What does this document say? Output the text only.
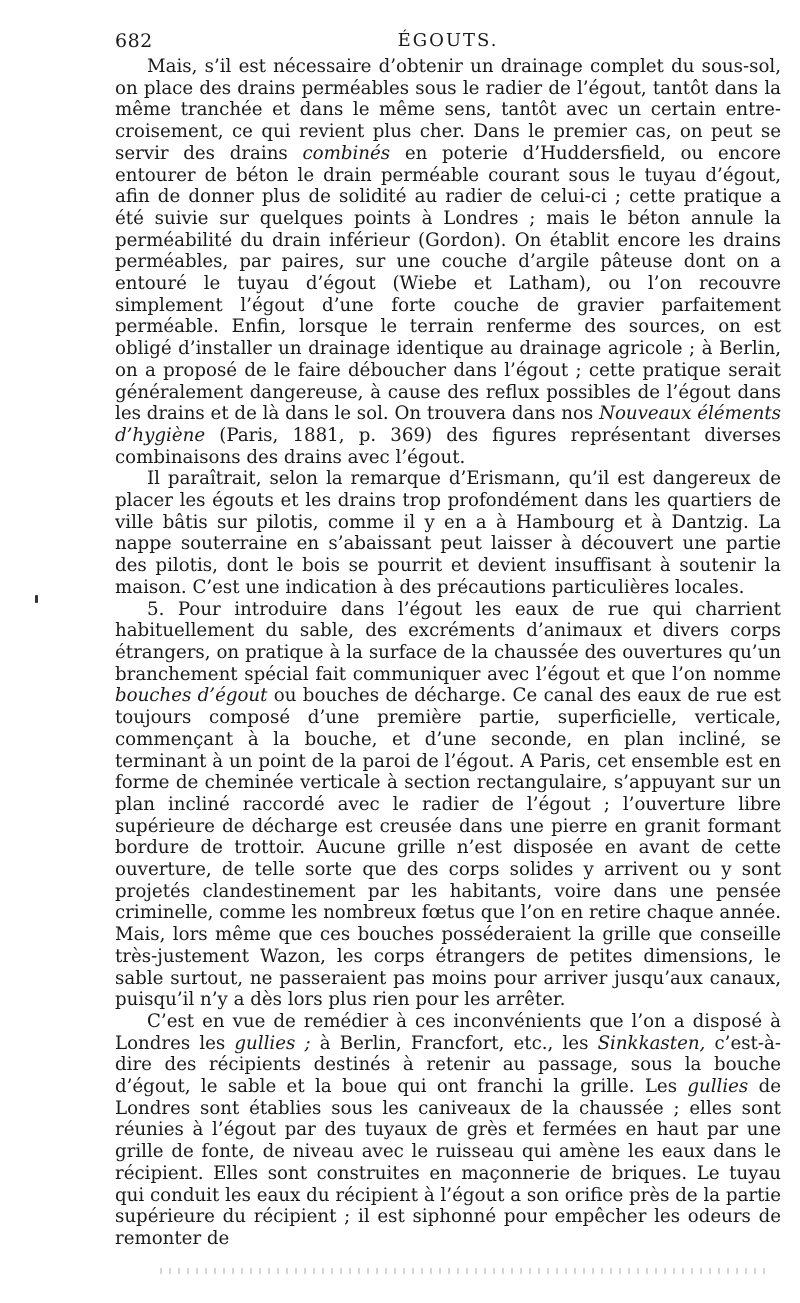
682	ÉGOUTS.

Mais, s’il est nécessaire d’obtenir un drainage complet du sous-sol, on place des drains perméables sous le radier de l’égout, tantôt dans la même tranchée et dans le même sens, tantôt avec un certain entre-croisement, ce qui revient plus cher. Dans le premier cas, on peut se servir des drains combinés en poterie d’Huddersfield, ou encore entourer de béton le drain perméable courant sous le tuyau d’égout, afin de donner plus de solidité au radier de celui-ci ; cette pratique a été suivie sur quelques points à Londres ; mais le béton annule la perméabilité du drain inférieur (Gordon). On établit encore les drains perméables, par paires, sur une couche d’argile pâteuse dont on a entouré le tuyau d’égout (Wiebe et Latham), ou l’on recouvre simplement l’égout d’une forte couche de gravier parfaitement perméable. Enfin, lorsque le terrain renferme des sources, on est obligé d’installer un drainage identique au drainage agricole ; à Berlin, on a proposé de le faire déboucher dans l’égout ; cette pratique serait généralement dangereuse, à cause des reflux possibles de l’égout dans les drains et de là dans le sol. On trouvera dans nos Nouveaux éléments d’hygiène (Paris, 1881, p. 369) des figures représentant diverses combinaisons des drains avec l’égout.

Il paraîtrait, selon la remarque d’Erismann, qu’il est dangereux de placer les égouts et les drains trop profondément dans les quartiers de ville bâtis sur pilotis, comme il y en a à Hambourg et à Dantzig. La nappe souterraine en s’abaissant peut laisser à découvert une partie des pilotis, dont le bois se pourrit et devient insuffisant à soutenir la maison. C’est une indication à des précautions particulières locales.

5. Pour introduire dans l’égout les eaux de rue qui charrient habituellement du sable, des excréments d’animaux et divers corps étrangers, on pratique à la surface de la chaussée des ouvertures qu’un branchement spécial fait communiquer avec l’égout et que l’on nomme bouches d’égout ou bouches de décharge. Ce canal des eaux de rue est toujours composé d’une première partie, superficielle, verticale, commençant à la bouche, et d’une seconde, en plan incliné, se terminant à un point de la paroi de l’égout. A Paris, cet ensemble est en forme de cheminée verticale à section rectangulaire, s’appuyant sur un plan incliné raccordé avec le radier de l’égout ; l’ouverture libre supérieure de décharge est creusée dans une pierre en granit formant bordure de trottoir. Aucune grille n’est disposée en avant de cette ouverture, de telle sorte que des corps solides y arrivent ou y sont projetés clandestinement par les habitants, voire dans une pensée criminelle, comme les nombreux fœtus que l’on en retire chaque année. Mais, lors même que ces bouches posséderaient la grille que conseille très-justement Wazon, les corps étrangers de petites dimensions, le sable surtout, ne passeraient pas moins pour arriver jusqu’aux canaux, puisqu’il n’y a dès lors plus rien pour les arrêter.

C’est en vue de remédier à ces inconvénients que l’on a disposé à Londres les gullies ; à Berlin, Francfort, etc., les Sinkkasten, c’est-à-dire des récipients destinés à retenir au passage, sous la bouche d’égout, le sable et la boue qui ont franchi la grille. Les gullies de Londres sont établies sous les caniveaux de la chaussée ; elles sont réunies à l’égout par des tuyaux de grès et fermées en haut par une grille de fonte, de niveau avec le ruisseau qui amène les eaux dans le récipient. Elles sont construites en maçonnerie de briques. Le tuyau qui conduit les eaux du récipient à l’égout a son orifice près de la partie supérieure du récipient ; il est siphonné pour empêcher les odeurs de remonter de
